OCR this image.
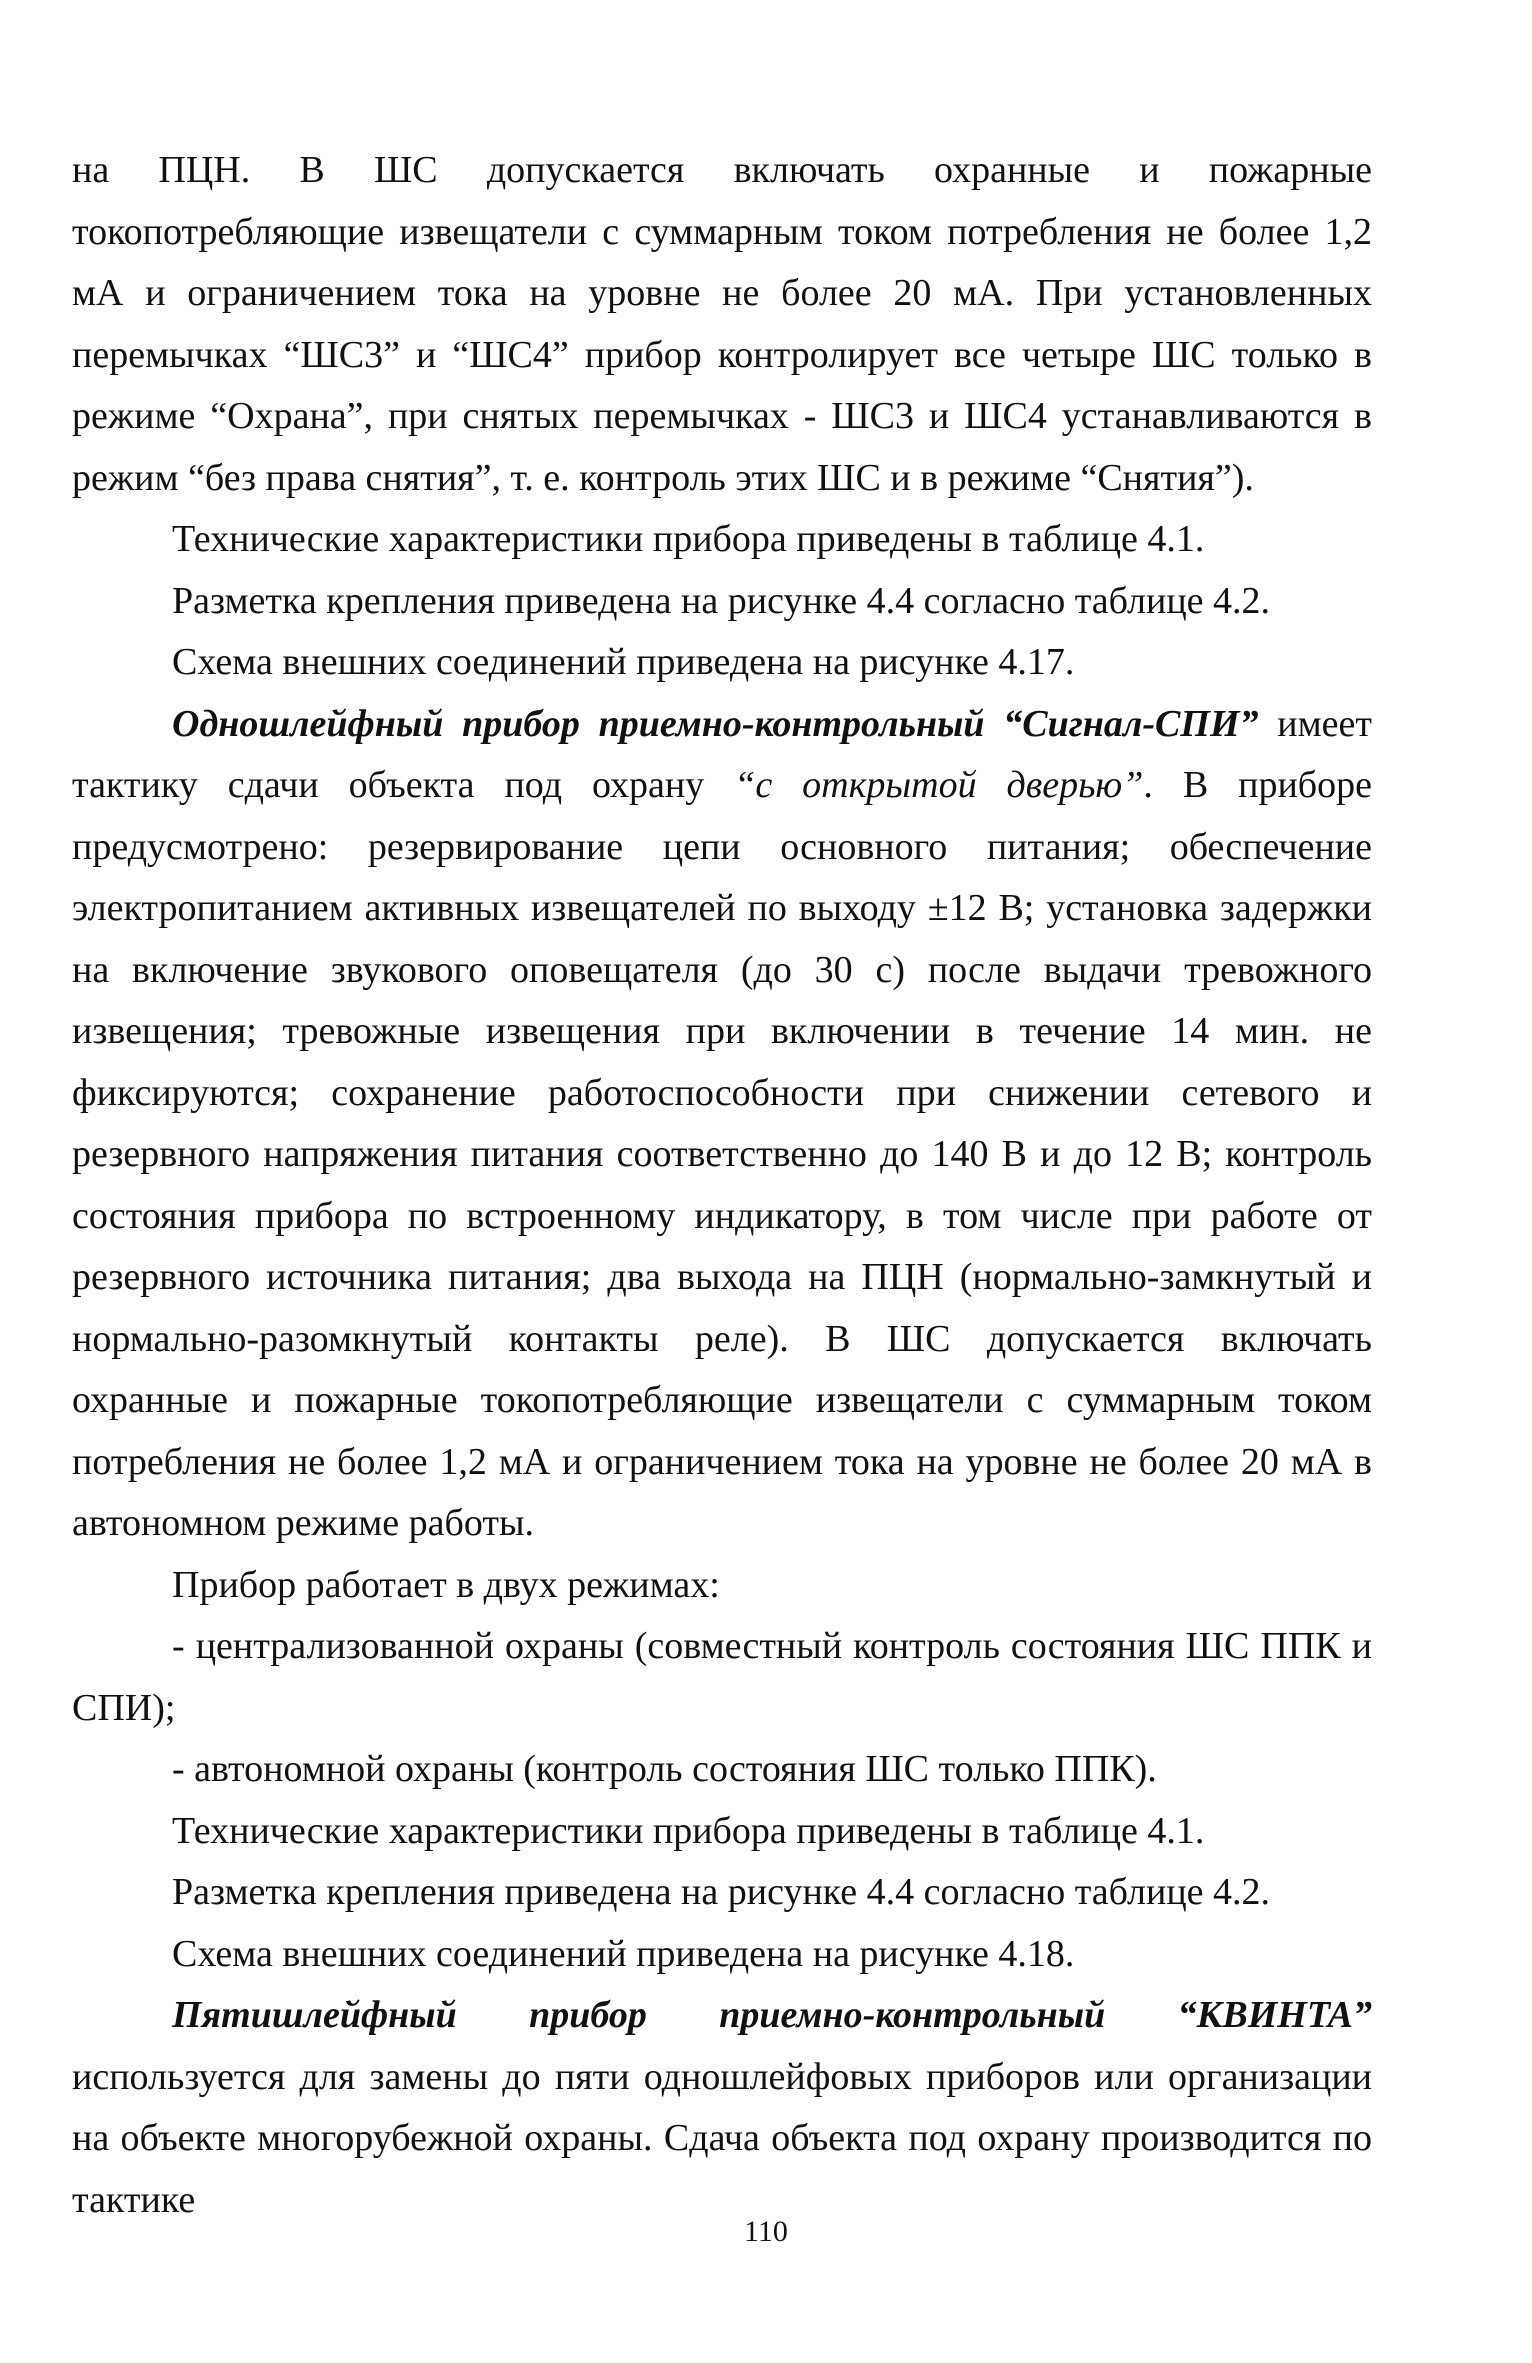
на ПЦН. В ШС допускается включать охранные и пожарные токопотребляющие извещатели с суммарным током потребления не более 1,2 мА и ограничением тока на уровне не более 20 мА. При установленных перемычках “ШС3” и “ШС4” прибор контролирует все четыре ШС только в режиме “Охрана”, при снятых перемычках - ШС3 и ШС4 устанавливаются в режим “без права снятия”, т. е. контроль этих ШС и в режиме “Снятия”).

Технические характеристики прибора приведены в таблице 4.1.

Разметка крепления приведена на рисунке 4.4 согласно таблице 4.2.

Схема внешних соединений приведена на рисунке 4.17.

Одношлейфный прибор приемно-контрольный “Сигнал-СПИ” имеет тактику сдачи объекта под охрану “с открытой дверью”. В приборе предусмотрено: резервирование цепи основного питания; обеспечение электропитанием активных извещателей по выходу ±12 В; установка задержки на включение звукового оповещателя (до 30 с) после выдачи тревожного извещения; тревожные извещения при включении в течение 14 мин. не фиксируются; сохранение работоспособности при снижении сетевого и резервного напряжения питания соответственно до 140 В и до 12 В; контроль состояния прибора по встроенному индикатору, в том числе при работе от резервного источника питания; два выхода на ПЦН (нормально-замкнутый и нормально-разомкнутый контакты реле). В ШС допускается включать охранные и пожарные токопотребляющие извещатели с суммарным током потребления не более 1,2 мА и ограничением тока на уровне не более 20 мА в автономном режиме работы.

Прибор работает в двух режимах:

- централизованной охраны (совместный контроль состояния ШС ППК и СПИ);

- автономной охраны (контроль состояния ШС только ППК).

Технические характеристики прибора приведены в таблице 4.1.

Разметка крепления приведена на рисунке 4.4 согласно таблице 4.2.

Схема внешних соединений приведена на рисунке 4.18.

Пятишлейфный прибор приемно-контрольный “КВИНТА” используется для замены до пяти одношлейфовых приборов или организации на объекте многорубежной охраны. Сдача объекта под охрану производится по тактике

110
